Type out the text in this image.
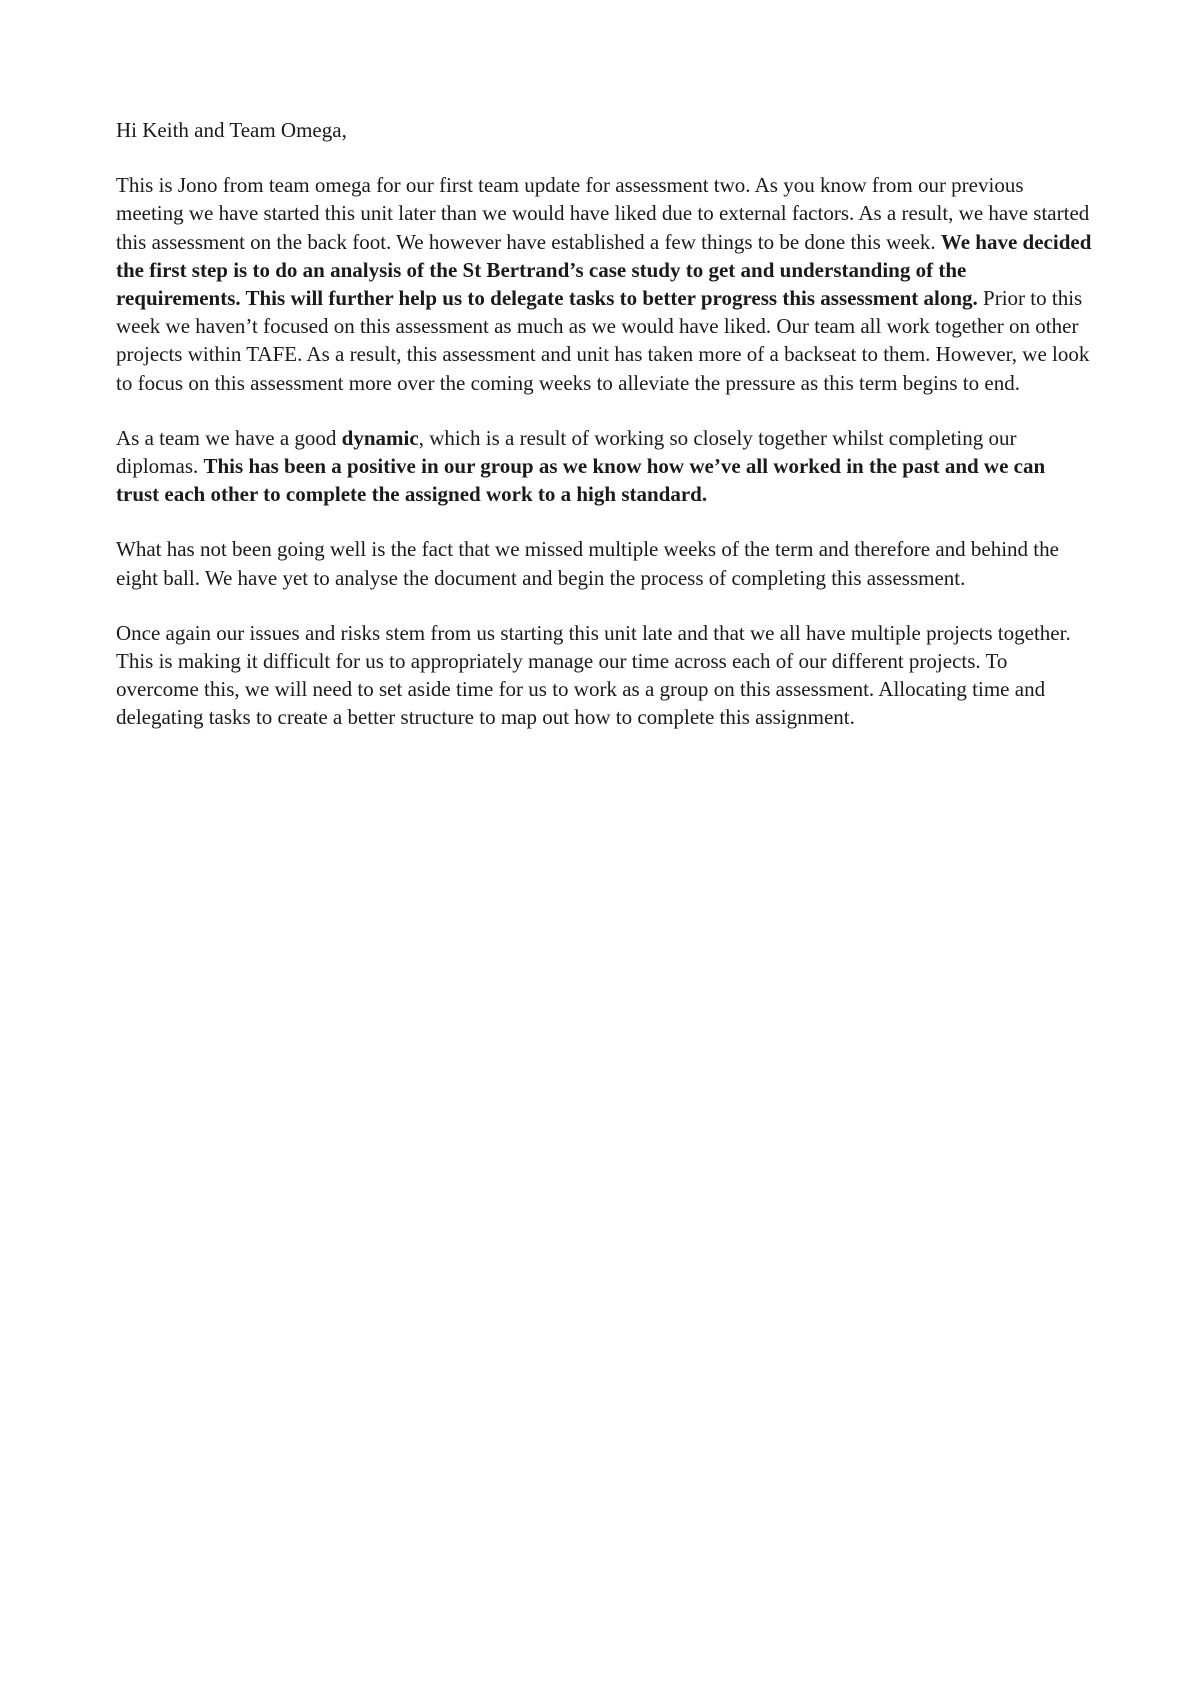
Hi Keith and Team Omega,

This is Jono from team omega for our first team update for assessment two. As you know from our previous meeting we have started this unit later than we would have liked due to external factors. As a result, we have started this assessment on the back foot. We however have established a few things to be done this week. We have decided the first step is to do an analysis of the St Bertrand’s case study to get and understanding of the requirements. This will further help us to delegate tasks to better progress this assessment along. Prior to this week we haven’t focused on this assessment as much as we would have liked. Our team all work together on other projects within TAFE. As a result, this assessment and unit has taken more of a backseat to them. However, we look to focus on this assessment more over the coming weeks to alleviate the pressure as this term begins to end.

As a team we have a good dynamic, which is a result of working so closely together whilst completing our diplomas. This has been a positive in our group as we know how we’ve all worked in the past and we can trust each other to complete the assigned work to a high standard.

What has not been going well is the fact that we missed multiple weeks of the term and therefore and behind the eight ball. We have yet to analyse the document and begin the process of completing this assessment.

Once again our issues and risks stem from us starting this unit late and that we all have multiple projects together. This is making it difficult for us to appropriately manage our time across each of our different projects. To overcome this, we will need to set aside time for us to work as a group on this assessment. Allocating time and delegating tasks to create a better structure to map out how to complete this assignment.
